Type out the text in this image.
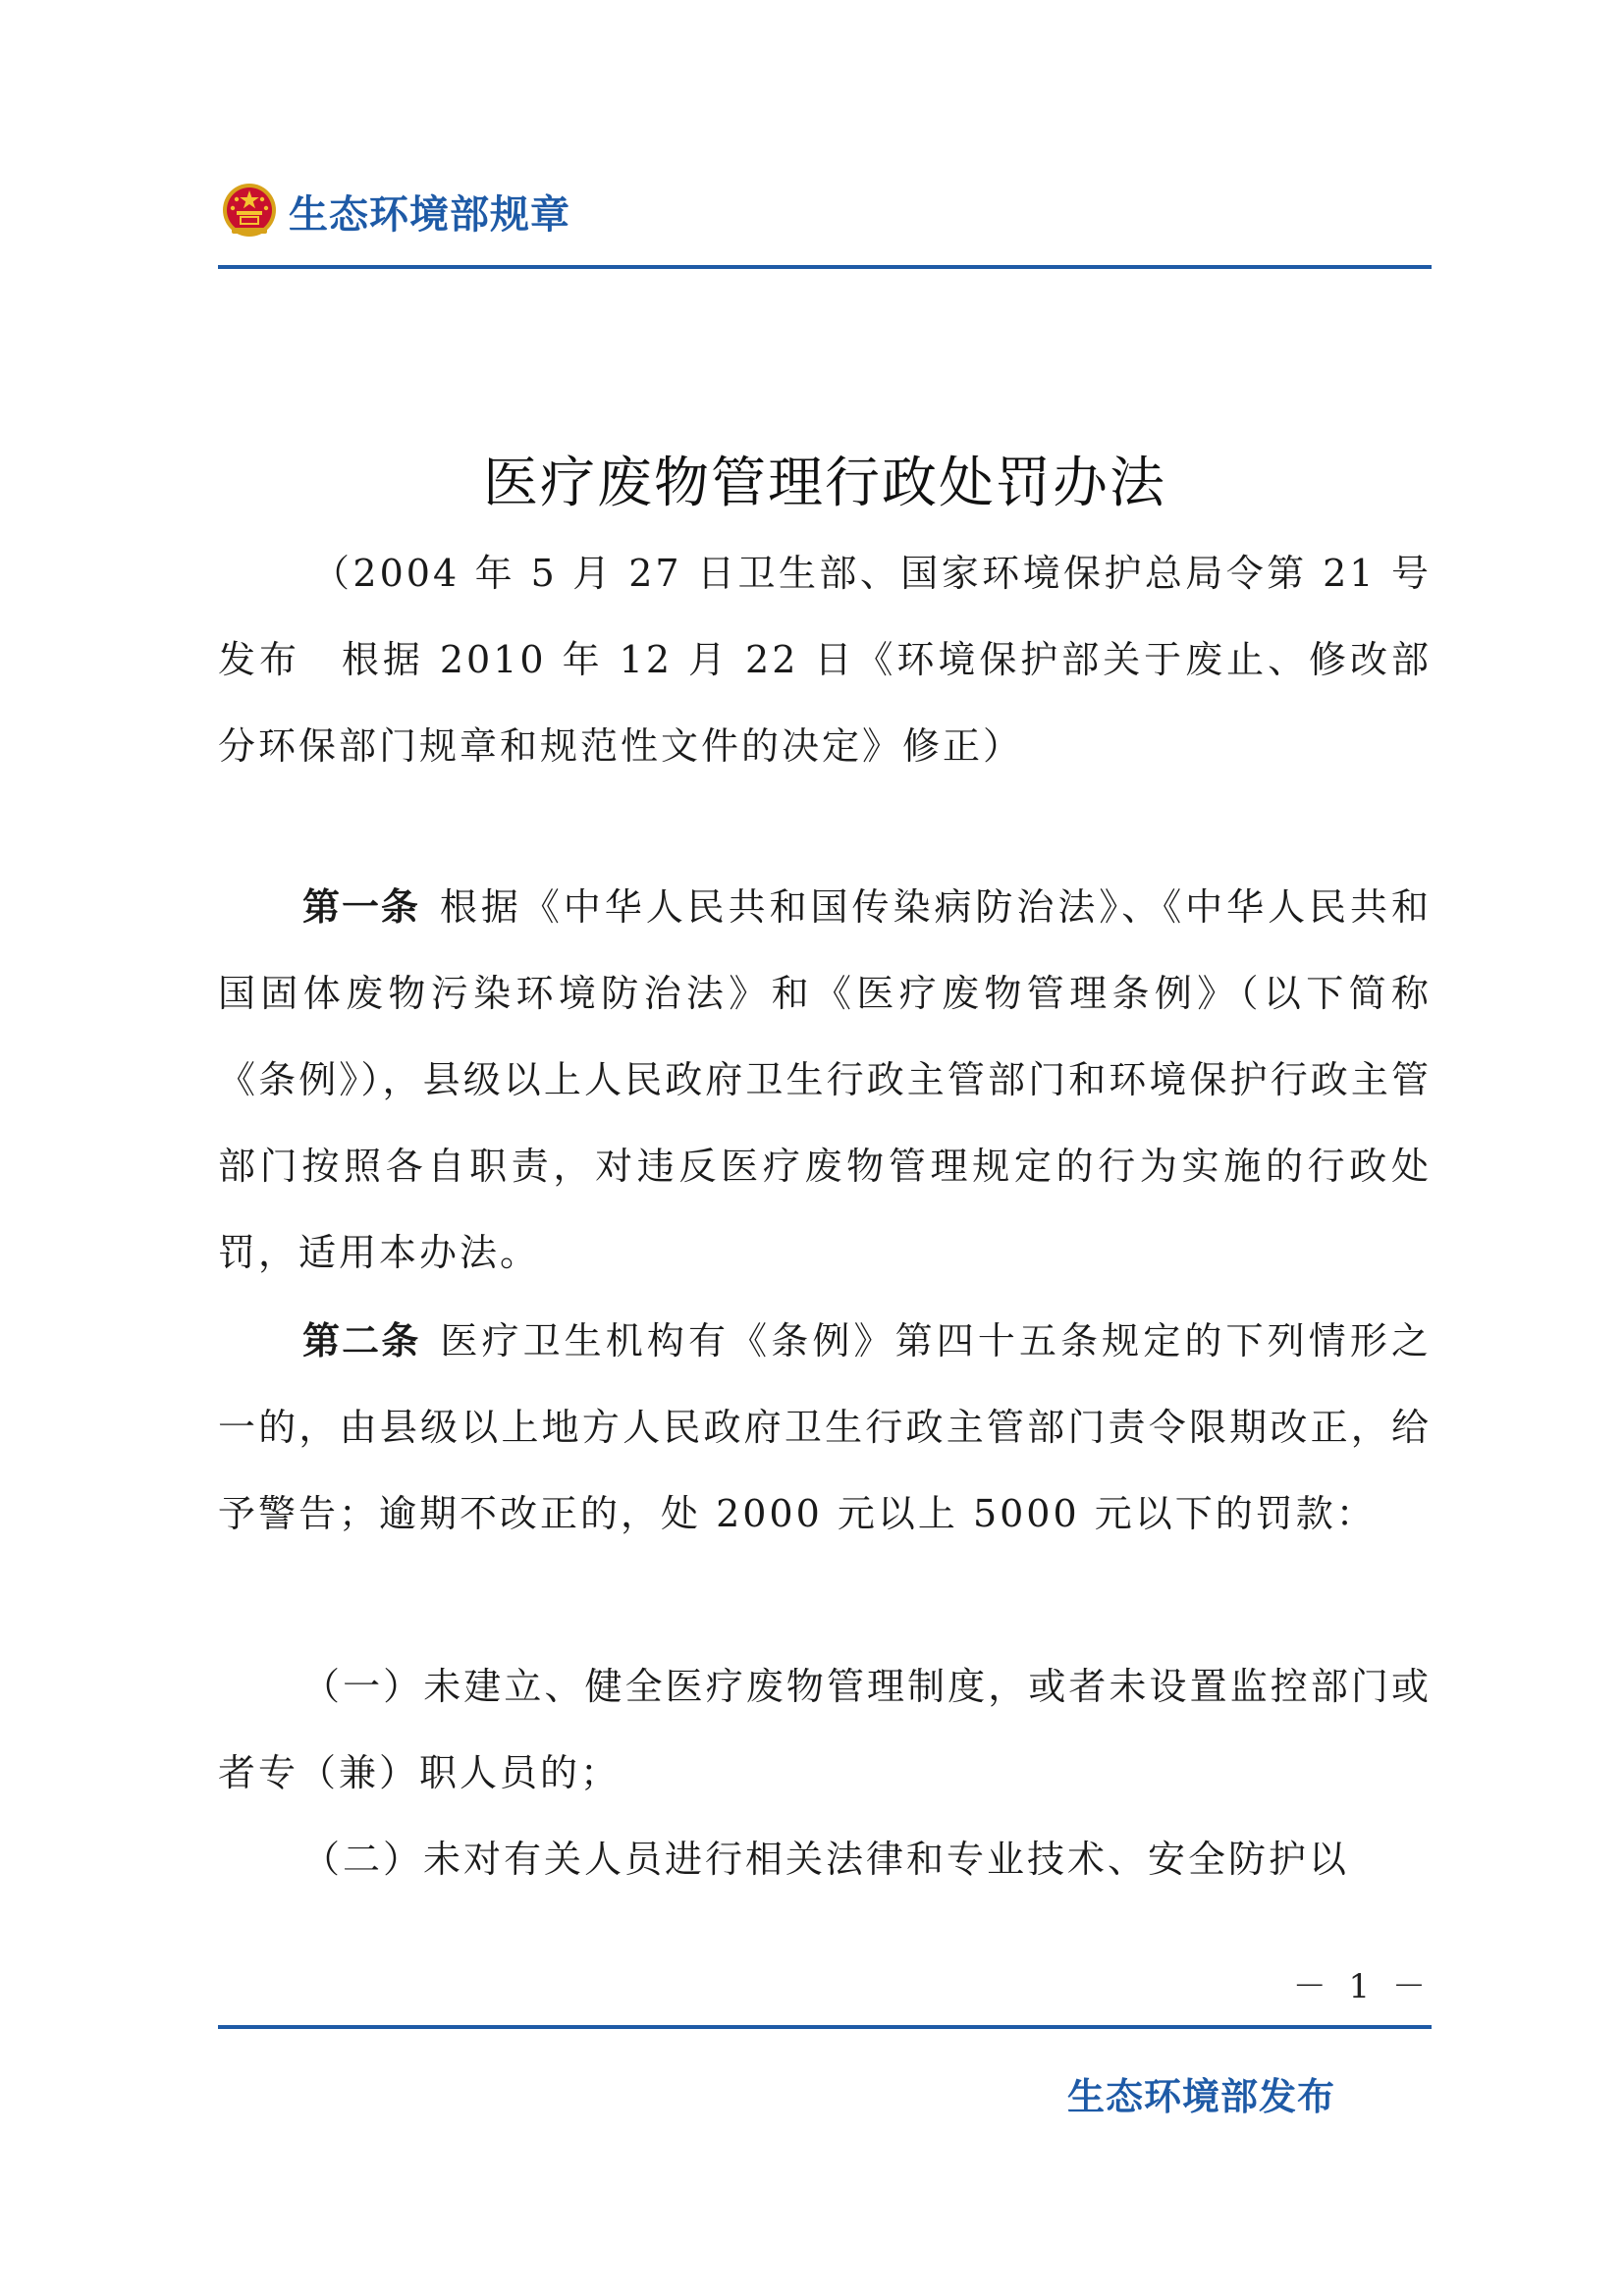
生态环境部规章
医疗废物管理行政处罚办法

（2004 年 5 月 27 日卫生部、国家环境保护总局令第 21 号发布　根据 2010 年 12 月 22 日《环境保护部关于废止、修改部分环保部门规章和规范性文件的决定》修正）

第一条 根据《中华人民共和国传染病防治法》、《中华人民共和国固体废物污染环境防治法》和《医疗废物管理条例》（以下简称《条例》），县级以上人民政府卫生行政主管部门和环境保护行政主管部门按照各自职责，对违反医疗废物管理规定的行为实施的行政处罚，适用本办法。

第二条 医疗卫生机构有《条例》第四十五条规定的下列情形之一的，由县级以上地方人民政府卫生行政主管部门责令限期改正，给予警告；逾期不改正的，处 2000 元以上 5000 元以下的罚款：

（一）未建立、健全医疗废物管理制度，或者未设置监控部门或者专（兼）职人员的；

（二）未对有关人员进行相关法律和专业技术、安全防护以

－ 1 －
生态环境部发布
